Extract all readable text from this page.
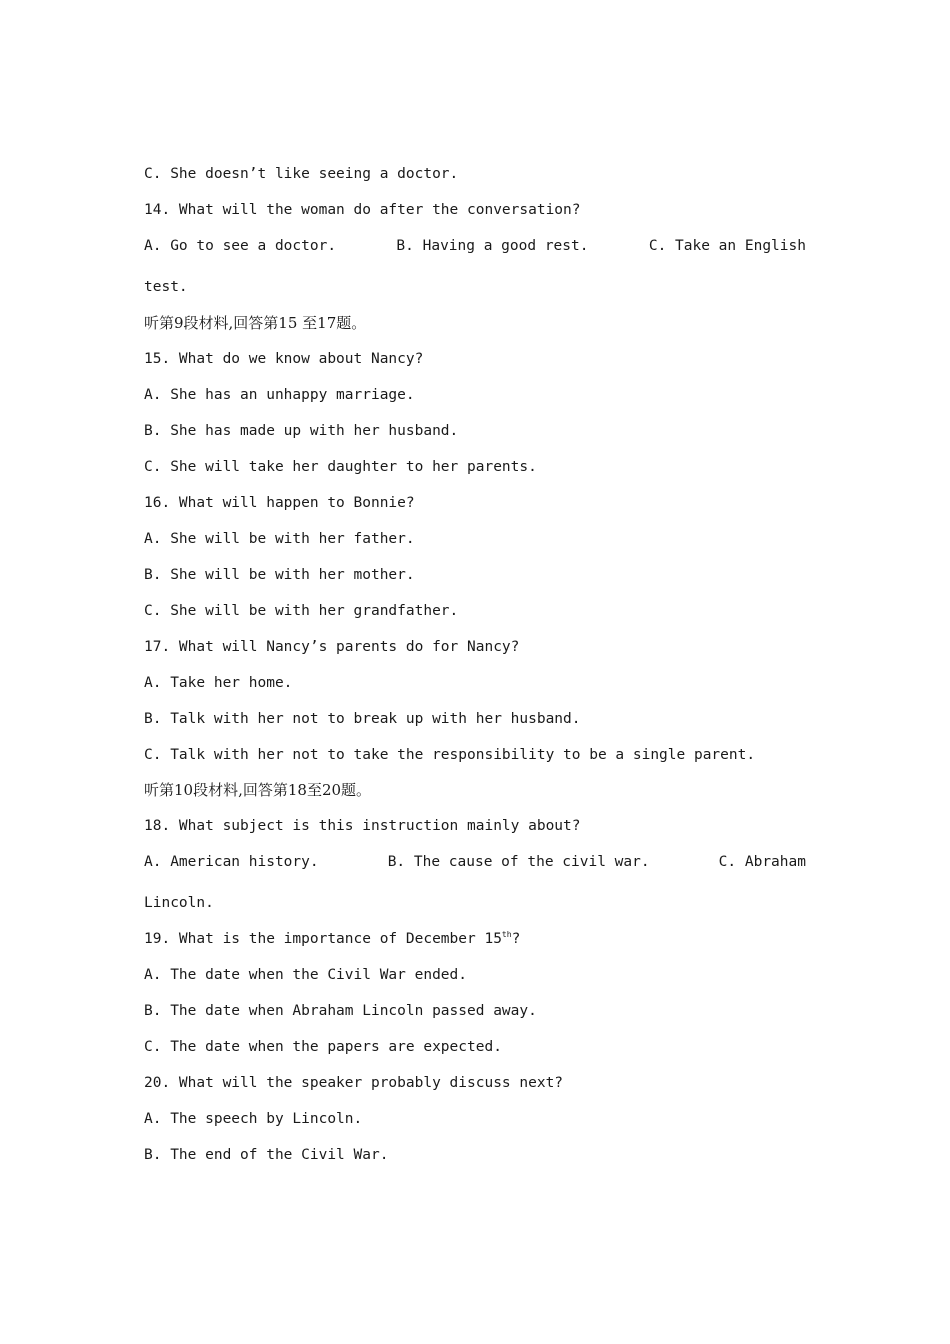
C. She doesn’t like seeing a doctor.
14. What will the woman do after the conversation?
A. Go to see a doctor.	B. Having a good rest.	C. Take an English
test.
听第9段材料,回答第15 至17题。
15. What do we know about Nancy?
A. She has an unhappy marriage.
B. She has made up with her husband.
C. She will take her daughter to her parents.
16. What will happen to Bonnie?
A. She will be with her father.
B. She will be with her mother.
C. She will be with her grandfather.
17. What will Nancy’s parents do for Nancy?
A. Take her home.
B. Talk with her not to break up with her husband.
C. Talk with her not to take the responsibility to be a single parent.
听第10段材料,回答第18至20题。
18. What subject is this instruction mainly about?
A. American history.	B. The cause of the civil war.	C. Abraham
Lincoln.
19. What is the importance of December 15th?
A. The date when the Civil War ended.
B. The date when Abraham Lincoln passed away.
C. The date when the papers are expected.
20. What will the speaker probably discuss next?
A. The speech by Lincoln.
B. The end of the Civil War.
